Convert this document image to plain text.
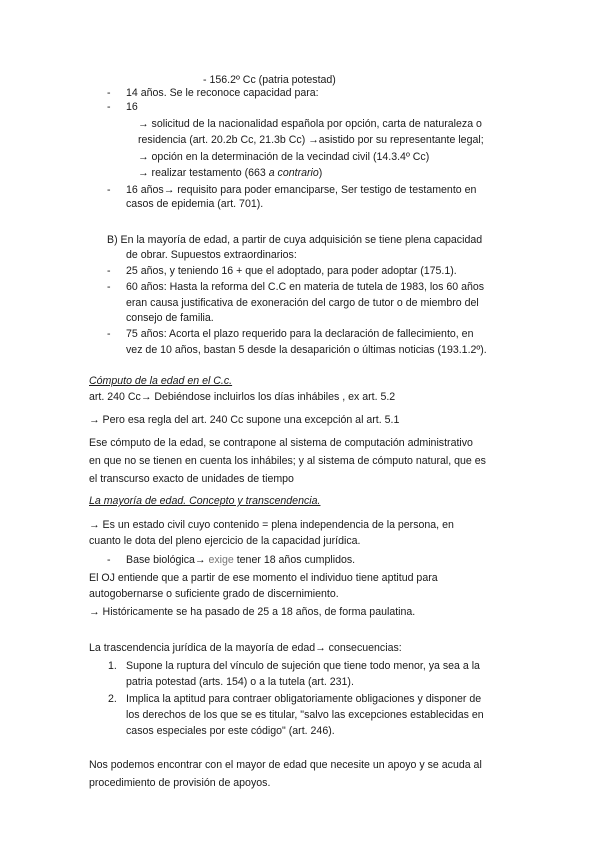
- 156.2º Cc (patria potestad)
- 14 años. Se le reconoce capacidad para:
- 16
→ solicitud de la nacionalidad española por opción, carta de naturaleza o
residencia (art. 20.2b Cc, 21.3b Cc) →asistido por su representante legal;
→ opción en la determinación de la vecindad civil (14.3.4º Cc)
→ realizar testamento (663 a contrario)
- 16 años→ requisito para poder emanciparse, Ser testigo de testamento en
casos de epidemia (art. 701).
B) En la mayoría de edad, a partir de cuya adquisición se tiene plena capacidad
de obrar. Supuestos extraordinarios:
- 25 años, y teniendo 16 + que el adoptado, para poder adoptar (175.1).
- 60 años: Hasta la reforma del C.C en materia de tutela de 1983, los 60 años
eran causa justificativa de exoneración del cargo de tutor o de miembro del
consejo de familia.
- 75 años: Acorta el plazo requerido para la declaración de fallecimiento, en
vez de 10 años, bastan 5 desde la desaparición o últimas noticias (193.1.2º).
Cómputo de la edad en el C.c.
art. 240 Cc→ Debiéndose incluirlos los días inhábiles , ex art. 5.2
→ Pero esa regla del art. 240 Cc supone una excepción al art. 5.1
Ese cómputo de la edad, se contrapone al sistema de computación administrativo
en que no se tienen en cuenta los inhábiles; y al sistema de cómputo natural, que es
el transcurso exacto de unidades de tiempo
La mayoría de edad. Concepto y transcendencia.
→ Es un estado civil cuyo contenido = plena independencia de la persona, en
cuanto le dota del pleno ejercicio de la capacidad jurídica.
- Base biológica→ exige tener 18 años cumplidos.
El OJ entiende que a partir de ese momento el individuo tiene aptitud para
autogobernarse o suficiente grado de discernimiento.
→ Históricamente se ha pasado de 25 a 18 años, de forma paulatina.
La trascendencia jurídica de la mayoría de edad→ consecuencias:
1. Supone la ruptura del vínculo de sujeción que tiene todo menor, ya sea a la
patria potestad (arts. 154) o a la tutela (art. 231).
2. Implica la aptitud para contraer obligatoriamente obligaciones y disponer de
los derechos de los que se es titular, "salvo las excepciones establecidas en
casos especiales por este código" (art. 246).
Nos podemos encontrar con el mayor de edad que necesite un apoyo y se acuda al
procedimiento de provisión de apoyos.
